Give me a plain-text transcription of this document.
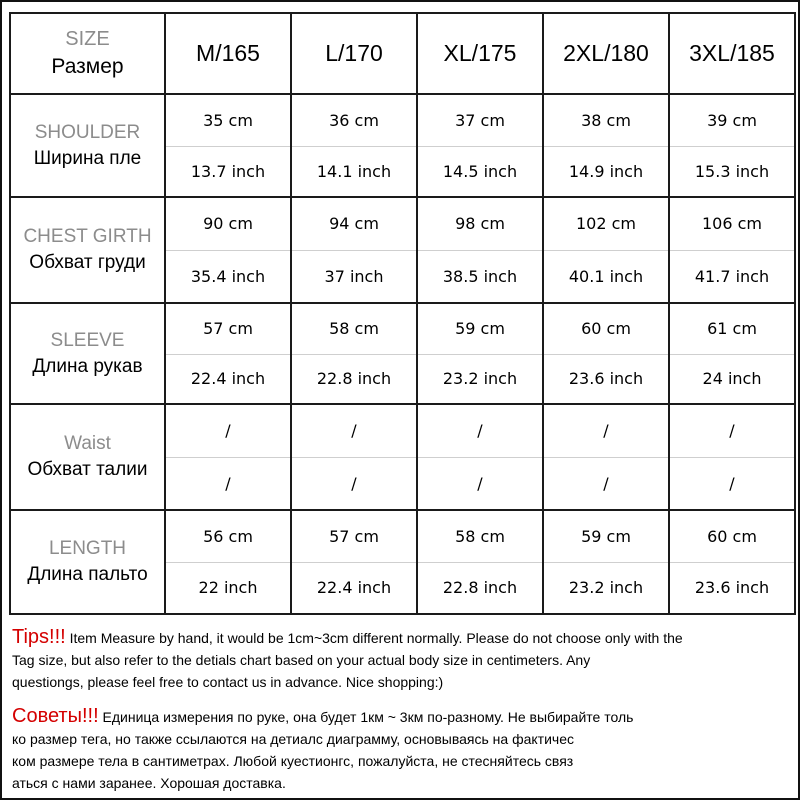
SIZE
Размер	M/165	L/170	XL/175	2XL/180	3XL/185

SHOULDER
Ширина пле	35 cm	36 cm	37 cm	38 cm	39 cm
	13.7 inch	14.1 inch	14.5 inch	14.9 inch	15.3 inch

CHEST GIRTH
Обхват груди	90 cm	94 cm	98 cm	102 cm	106 cm
	35.4 inch	37 inch	38.5 inch	40.1 inch	41.7 inch

SLEEVE
Длина рукав	57 cm	58 cm	59 cm	60 cm	61 cm
	22.4 inch	22.8 inch	23.2 inch	23.6 inch	24 inch

Waist
Обхват талии	/	/	/	/	/
	/	/	/	/	/

LENGTH
Длина пальто	56 cm	57 cm	58 cm	59 cm	60 cm
	22 inch	22.4 inch	22.8 inch	23.2 inch	23.6 inch
Tips!!! Item Measure by hand, it would be 1cm~3cm different normally. Please do not choose only with the
Tag size, but also refer to the detials chart based on your actual body size in centimeters. Any
questiongs, please feel free to contact us in advance. Nice shopping:)
Советы!!! Единица измерения по руке, она будет 1км ~ 3км по-разному. Не выбирайте толь
ко размер тега, но также ссылаются на детиалс диаграмму, основываясь на фактичес
ком размере тела в сантиметрах. Любой куестионгс, пожалуйста, не стесняйтесь связ
аться с нами заранее. Хорошая доставка.
